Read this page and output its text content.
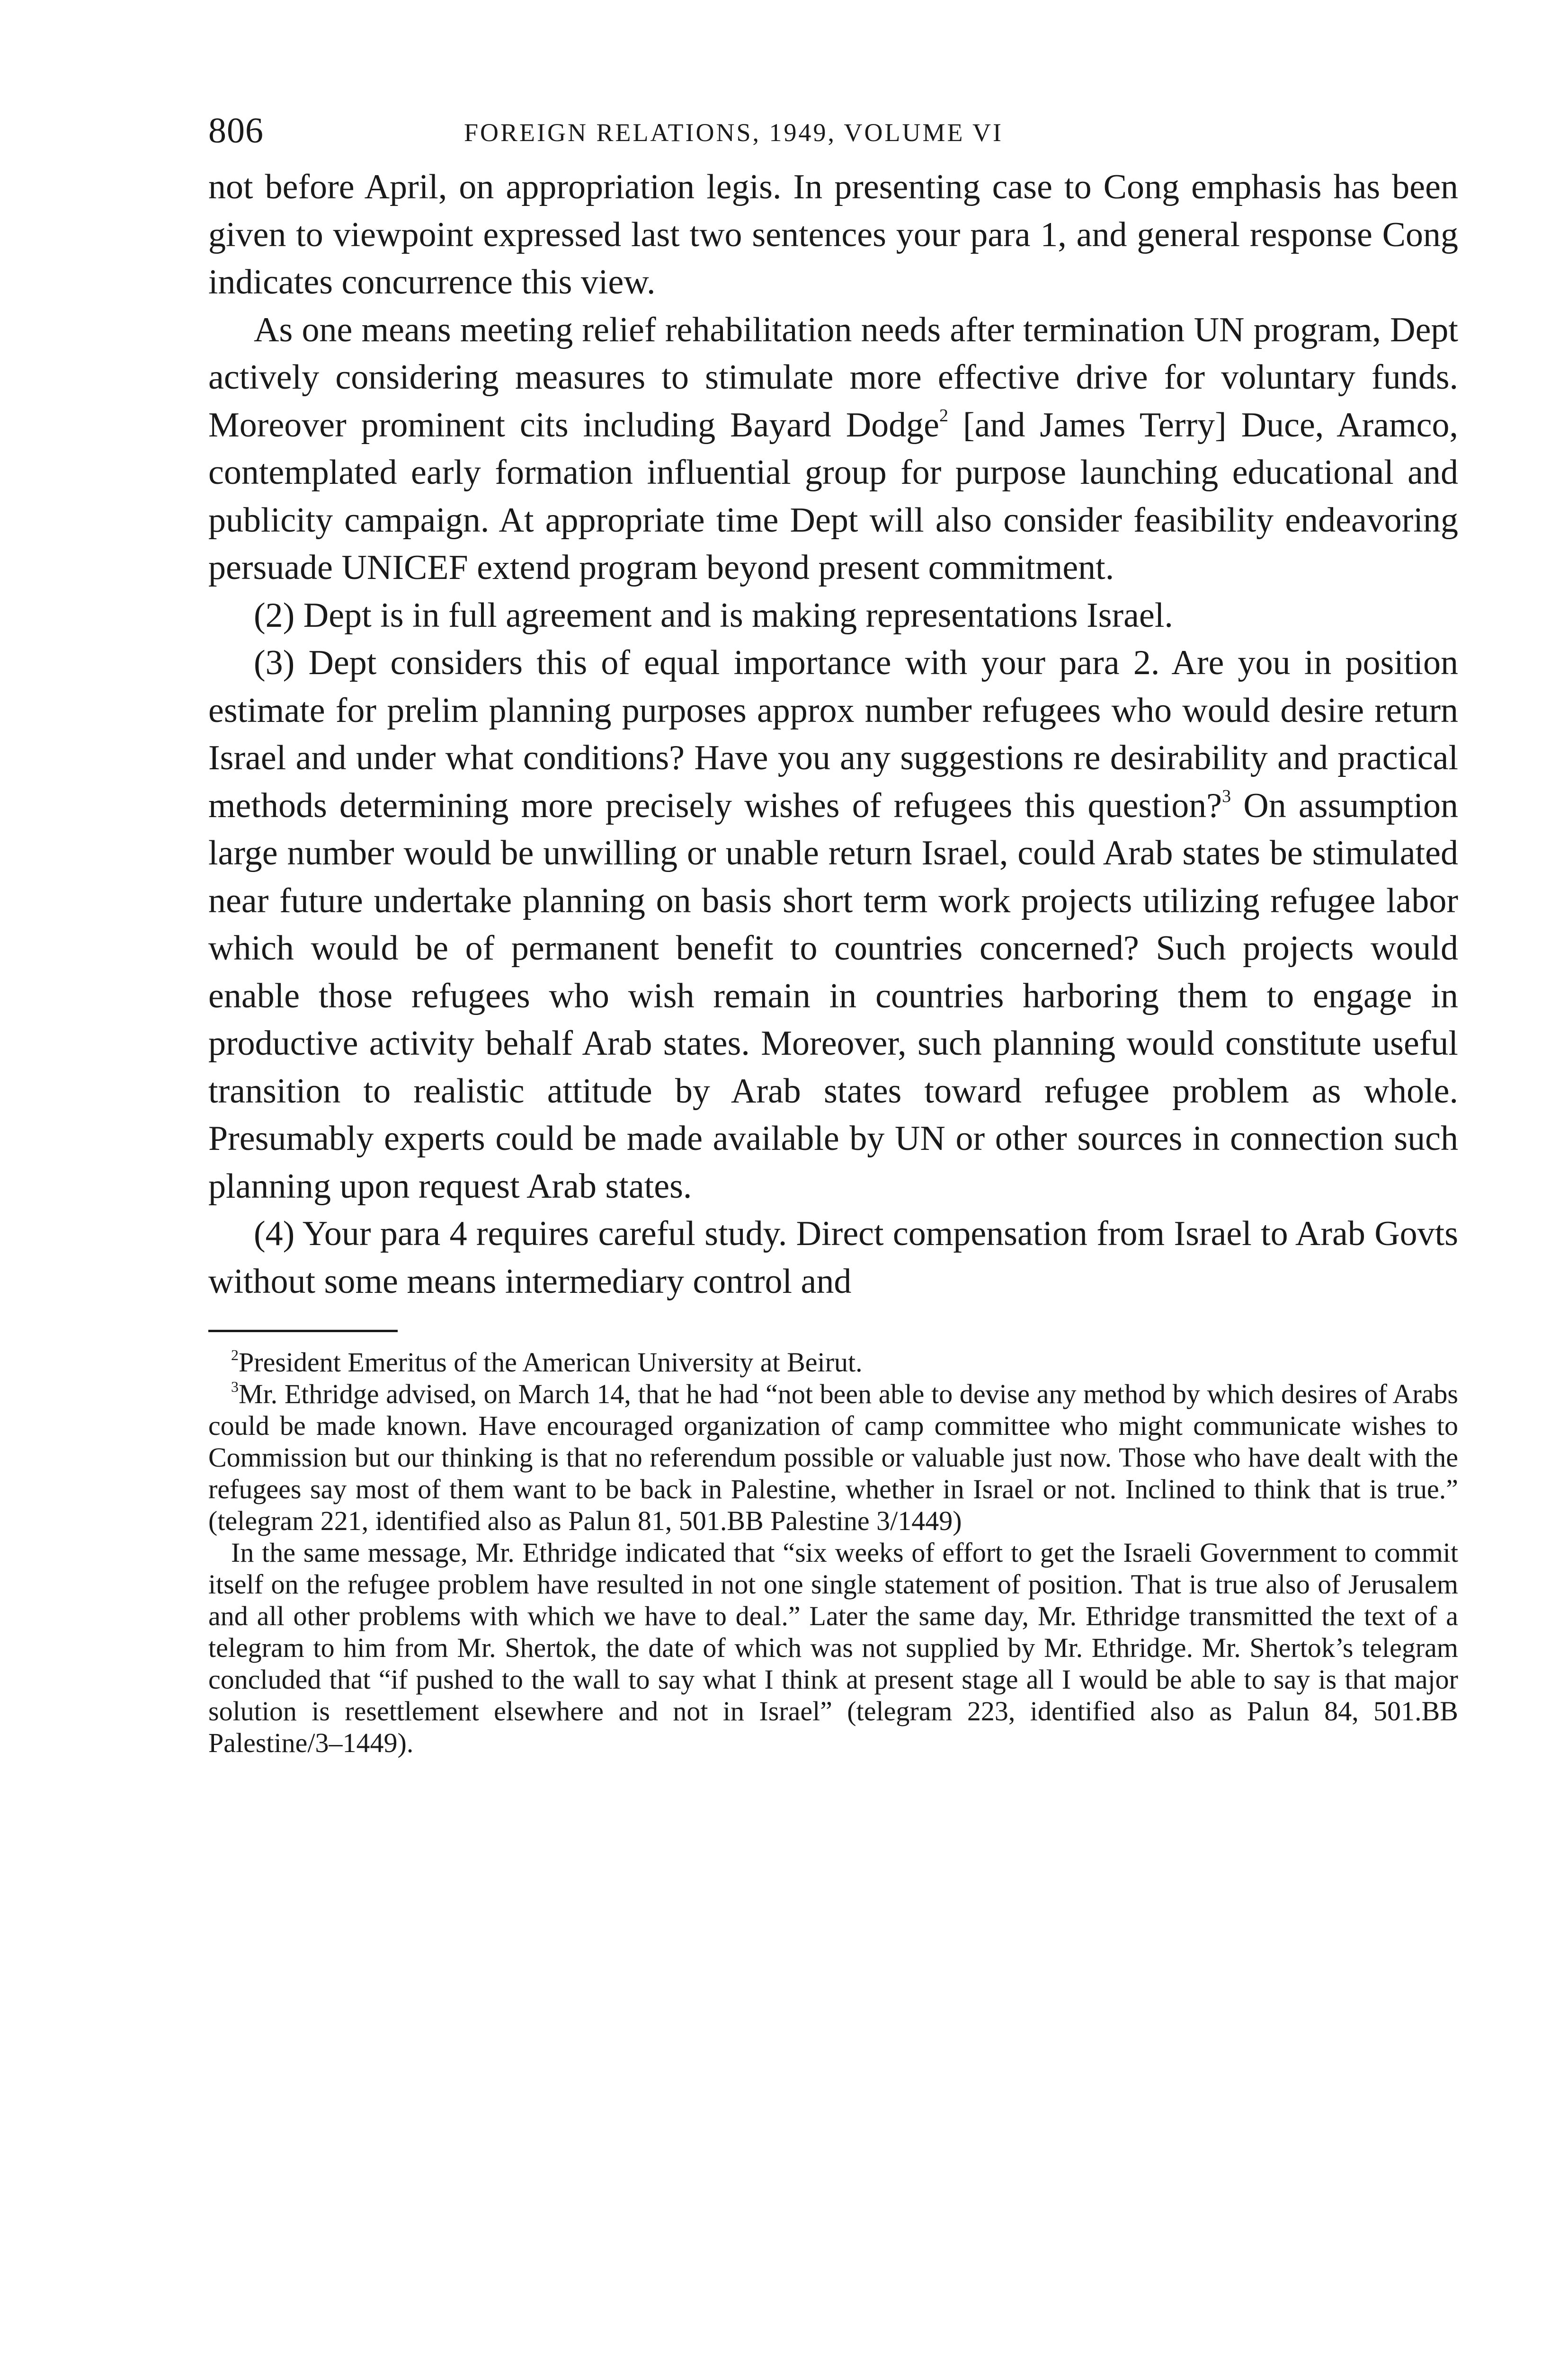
806	FOREIGN RELATIONS, 1949, VOLUME VI

not before April, on appropriation legis. In presenting case to Cong emphasis has been given to viewpoint expressed last two sentences your para 1, and general response Cong indicates concurrence this view.

As one means meeting relief rehabilitation needs after termination UN program, Dept actively considering measures to stimulate more effective drive for voluntary funds. Moreover prominent cits including Bayard Dodge$^2$ [and James Terry] Duce, Aramco, contemplated early formation influential group for purpose launching educational and publicity campaign. At appropriate time Dept will also consider feasibility endeavoring persuade UNICEF extend program beyond present commitment.

(2) Dept is in full agreement and is making representations Israel.

(3) Dept considers this of equal importance with your para 2. Are you in position estimate for prelim planning purposes approx number refugees who would desire return Israel and under what conditions? Have you any suggestions re desirability and practical methods determining more precisely wishes of refugees this question?$^3$ On assumption large number would be unwilling or unable return Israel, could Arab states be stimulated near future undertake planning on basis short term work projects utilizing refugee labor which would be of permanent benefit to countries concerned? Such projects would enable those refugees who wish remain in countries harboring them to engage in productive activity behalf Arab states. Moreover, such planning would constitute useful transition to realistic attitude by Arab states toward refugee problem as whole. Presumably experts could be made available by UN or other sources in connection such planning upon request Arab states.

(4) Your para 4 requires careful study. Direct compensation from Israel to Arab Govts without some means intermediary control and

$^2$President Emeritus of the American University at Beirut.

$^3$Mr. Ethridge advised, on March 14, that he had “not been able to devise any method by which desires of Arabs could be made known. Have encouraged organization of camp committee who might communicate wishes to Commission but our thinking is that no referendum possible or valuable just now. Those who have dealt with the refugees say most of them want to be back in Palestine, whether in Israel or not. Inclined to think that is true.” (telegram 221, identified also as Palun 81, 501.BB Palestine 3/1449)

In the same message, Mr. Ethridge indicated that “six weeks of effort to get the Israeli Government to commit itself on the refugee problem have resulted in not one single statement of position. That is true also of Jerusalem and all other problems with which we have to deal.” Later the same day, Mr. Ethridge transmitted the text of a telegram to him from Mr. Shertok, the date of which was not supplied by Mr. Ethridge. Mr. Shertok’s telegram concluded that “if pushed to the wall to say what I think at present stage all I would be able to say is that major solution is resettlement elsewhere and not in Israel” (telegram 223, identified also as Palun 84, 501.BB Palestine/3–1449).
